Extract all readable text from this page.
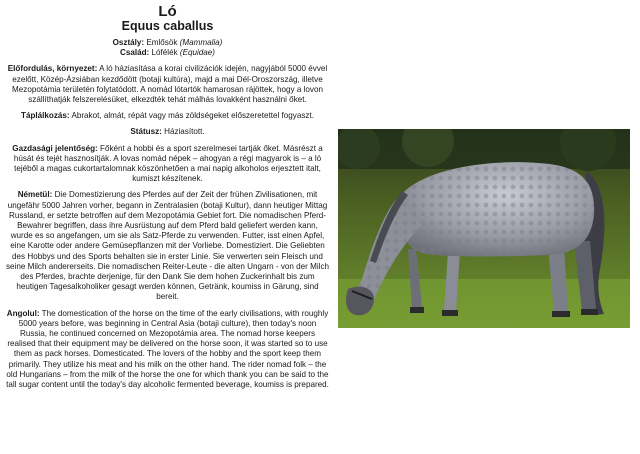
Ló
Equus caballus

Osztály: Emlősök (Mammalia)

Család: Lófélék (Equidae)

Előfordulás, környezet: A ló háziasítása a korai civilizációk idején, nagyjából 5000 évvel ezelőtt, Közép-Ázsiában kezdődött (botaji kultúra), majd a mai Dél-Oroszország, illetve Mezopotámia területén folytatódott. A nomád lótartók hamarosan rájöttek, hogy a lovon szállíthatják felszerelésüket, elkezdték tehát málhás lovakként használni őket.

Táplálkozás: Abrakot, almát, répát vagy más zöldségeket előszeretettel fogyaszt.

Státusz: Háziasított.

Gazdasági jelentőség: Főként a hobbi és a sport szerelmesei tartják őket. Másrészt a húsát és tejét hasznosítják. A lovas nomád népek – ahogyan a régi magyarok is – a ló tejéből a magas cukortartalomnak köszönhetően a mai napig alkoholos erjesztett italt, kumiszt készítenek.

Németül: Die Domestizierung des Pferdes auf der Zeit der frühen Zivilisationen, mit ungefähr 5000 Jahren vorher, begann in Zentralasien (botaji Kultur), dann heutiger Mittag Russland, er setzte betroffen auf dem Mezopotámia Gebiet fort. Die nomadischen Pferd-Bewahrer begriffen, dass ihre Ausrüstung auf dem Pferd bald geliefert werden kann, wurde es so angefangen, um sie als Satz-Pferde zu verwenden. Futter, isst einen Apfel, eine Karotte oder andere Gemüsepflanzen mit der Vorliebe. Domestiziert. Die Geliebten des Hobbys und des Sports behalten sie in erster Linie. Sie verwerten sein Fleisch und seine Milch andererseits. Die nomadischen Reiter-Leute - die alten Ungarn - von der Milch des Pferdes, brachte derjenige, für den Dank Sie dem hohen Zuckerinhalt bis zum heutigen Tagesalkoholiker gesagt werden können, Getränk, koumiss in Gärung, sind bereit.

Angolul: The domestication of the horse on the time of the early civilisations, with roughly 5000 years before, was beginning in Central Asia (botaji culture), then today's noon Russia, he continued concerned on Mezopotámia area. The nomad horse keepers realised that their equipment may be delivered on the horse soon, it was started so to use them as pack horses. Domesticated. The lovers of the hobby and the sport keep them primarily. They utilize his meat and his milk on the other hand. The rider nomad folk – the old Hungarians – from the milk of the horse the one for which thank you can be said to the tall sugar content until the today's day alcoholic fermented beverage, koumiss is prepared.
